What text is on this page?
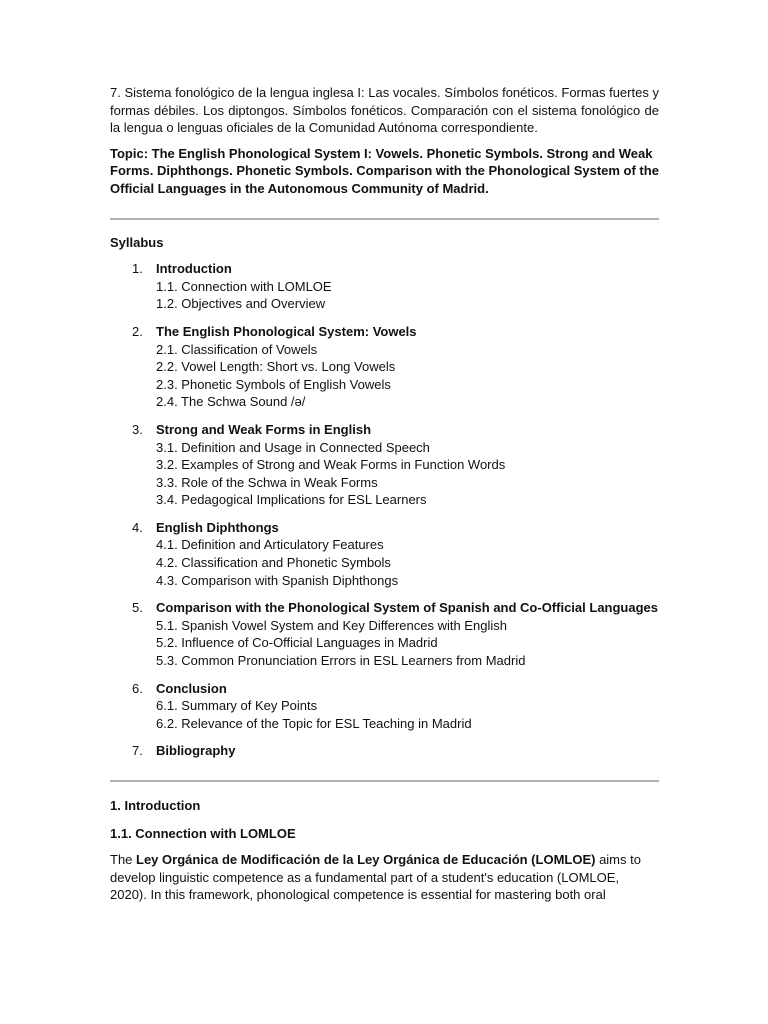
7. Sistema fonológico de la lengua inglesa I: Las vocales. Símbolos fonéticos. Formas fuertes y formas débiles. Los diptongos. Símbolos fonéticos. Comparación con el sistema fonológico de la lengua o lenguas oficiales de la Comunidad Autónoma correspondiente.

Topic: The English Phonological System I: Vowels. Phonetic Symbols. Strong and Weak Forms. Diphthongs. Phonetic Symbols. Comparison with the Phonological System of the Official Languages in the Autonomous Community of Madrid.

Syllabus

1.	Introduction
1.1. Connection with LOMLOE
1.2. Objectives and Overview
2.	The English Phonological System: Vowels
2.1. Classification of Vowels
2.2. Vowel Length: Short vs. Long Vowels
2.3. Phonetic Symbols of English Vowels
2.4. The Schwa Sound /ə/
3.	Strong and Weak Forms in English
3.1. Definition and Usage in Connected Speech
3.2. Examples of Strong and Weak Forms in Function Words
3.3. Role of the Schwa in Weak Forms
3.4. Pedagogical Implications for ESL Learners
4.	English Diphthongs
4.1. Definition and Articulatory Features
4.2. Classification and Phonetic Symbols
4.3. Comparison with Spanish Diphthongs
5.	Comparison with the Phonological System of Spanish and Co-Official Languages
5.1. Spanish Vowel System and Key Differences with English
5.2. Influence of Co-Official Languages in Madrid
5.3. Common Pronunciation Errors in ESL Learners from Madrid
6.	Conclusion
6.1. Summary of Key Points
6.2. Relevance of the Topic for ESL Teaching in Madrid
7.	Bibliography

1. Introduction

1.1. Connection with LOMLOE

The Ley Orgánica de Modificación de la Ley Orgánica de Educación (LOMLOE) aims to develop linguistic competence as a fundamental part of a student's education (LOMLOE, 2020). In this framework, phonological competence is essential for mastering both oral
